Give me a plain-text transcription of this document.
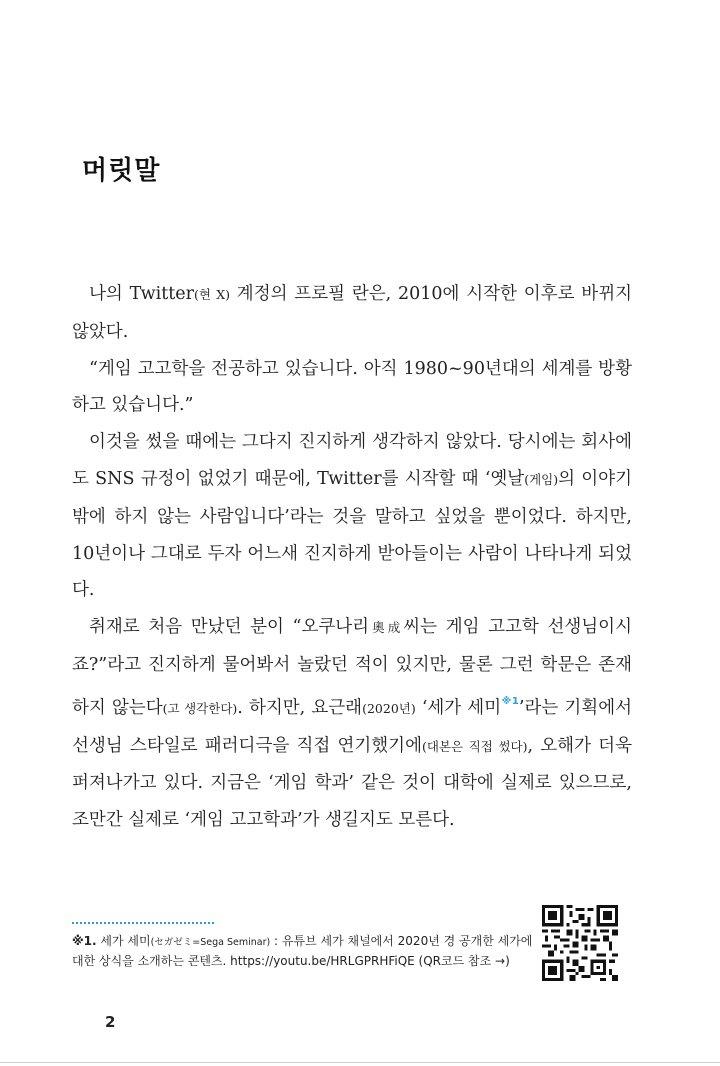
머릿말

나의 Twitter(현 X) 계정의 프로필 란은, 2010에 시작한 이후로 바뀌지 않았다.

“게임 고고학을 전공하고 있습니다. 아직 1980~90년대의 세계를 방황하고 있습니다.”

이것을 썼을 때에는 그다지 진지하게 생각하지 않았다. 당시에는 회사에도 SNS 규정이 없었기 때문에, Twitter를 시작할 때 ‘옛날(게임)의 이야기 밖에 하지 않는 사람입니다’라는 것을 말하고 싶었을 뿐이었다. 하지만, 10년이나 그대로 두자 어느새 진지하게 받아들이는 사람이 나타나게 되었다.

취재로 처음 만났던 분이 “오쿠나리奧成씨는 게임 고고학 선생님이시죠?”라고 진지하게 물어봐서 놀랐던 적이 있지만, 물론 그런 학문은 존재하지 않는다(고 생각한다). 하지만, 요근래(2020년) ‘세가 세미$^{※1}$’라는 기획에서 선생님 스타일로 패러디극을 직접 연기했기에(대본은 직접 썼다), 오해가 더욱 퍼져나가고 있다. 지금은 ‘게임 학과’ 같은 것이 대학에 실제로 있으므로, 조만간 실제로 ‘게임 고고학과’가 생길지도 모른다.

※1. 세가 세미(セガゼミ=Sega Seminar) : 유튜브 세가 채널에서 2020년 경 공개한 세가에 대한 상식을 소개하는 콘텐츠. https://youtu.be/HRLGPRHFiQE (QR코드 참조 →)
2
